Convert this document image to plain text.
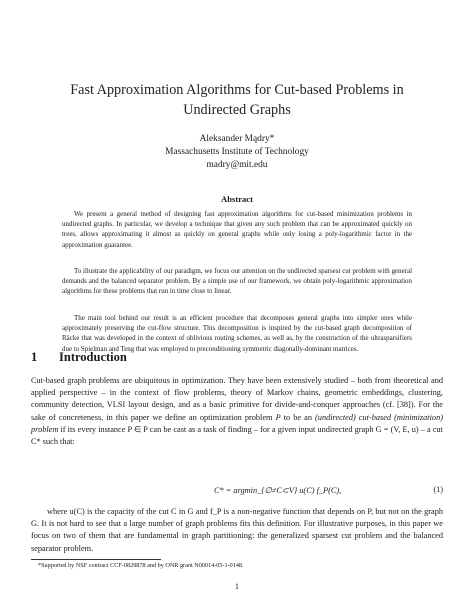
Fast Approximation Algorithms for Cut-based Problems in Undirected Graphs
Aleksander Mądry*
Massachusetts Institute of Technology
madry@mit.edu
Abstract

We present a general method of designing fast approximation algorithms for cut-based minimization problems in undirected graphs. In particular, we develop a technique that given any such problem that can be approximated quickly on trees, allows approximating it almost as quickly on general graphs while only losing a poly-logarithmic factor in the approximation guarantee.

To illustrate the applicability of our paradigm, we focus our attention on the undirected sparsest cut problem with general demands and the balanced separator problem. By a simple use of our framework, we obtain poly-logarithmic approximation algorithms for these problems that run in time close to linear.

The main tool behind our result is an efficient procedure that decomposes general graphs into simpler ones while approximately preserving the cut-flow structure. This decomposition is inspired by the cut-based graph decomposition of Räcke that was developed in the context of oblivious routing schemes, as well as, by the construction of the ultrasparsifiers due to Spielman and Teng that was employed to preconditioning symmetric diagonally-dominant matrices.

1 Introduction

Cut-based graph problems are ubiquitous in optimization. They have been extensively studied – both from theoretical and applied perspective – in the context of flow problems, theory of Markov chains, geometric embeddings, clustering, community detection, VLSI layout design, and as a basic primitive for divide-and-conquer approaches (cf. [38]). For the sake of concreteness, in this paper we define an optimization problem P to be an (undirected) cut-based (minimization) problem if its every instance P ∈ P can be cast as a task of finding – for a given input undirected graph G = (V, E, u) – a cut C* such that:

C* = argmin_{∅≠C⊂V} u(C) f_P(C),	(1)

where u(C) is the capacity of the cut C in G and f_P is a non-negative function that depends on P, but not on the graph G. It is not hard to see that a large number of graph problems fits this definition. For illustrative purposes, in this paper we focus on two of them that are fundamental in graph partitioning: the generalized sparsest cut problem and the balanced separator problem.

*Supported by NSF contract CCF-0829878 and by ONR grant N00014-05-1-0148.
1
